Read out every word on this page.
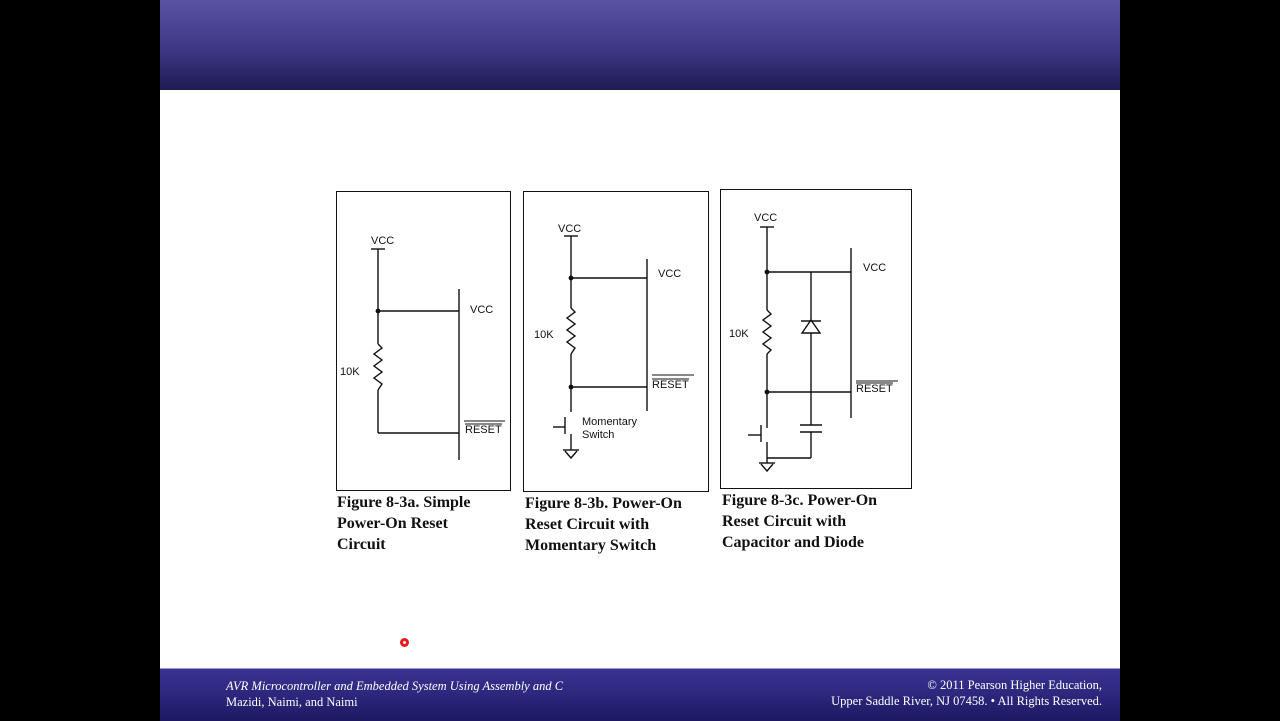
VCC
VCC
10K
RESET
Figure 8-3a. Simple
Power-On Reset
Circuit
VCC
VCC
10K
RESET
Momentary
Switch
Figure 8-3b. Power-On
Reset Circuit with
Momentary Switch
VCC
VCC
10K
RESET
Figure 8-3c. Power-On
Reset Circuit with
Capacitor and Diode
AVR Microcontroller and Embedded System Using Assembly and C
Mazidi, Naimi, and Naimi
© 2011 Pearson Higher Education,
Upper Saddle River, NJ 07458. • All Rights Reserved.
